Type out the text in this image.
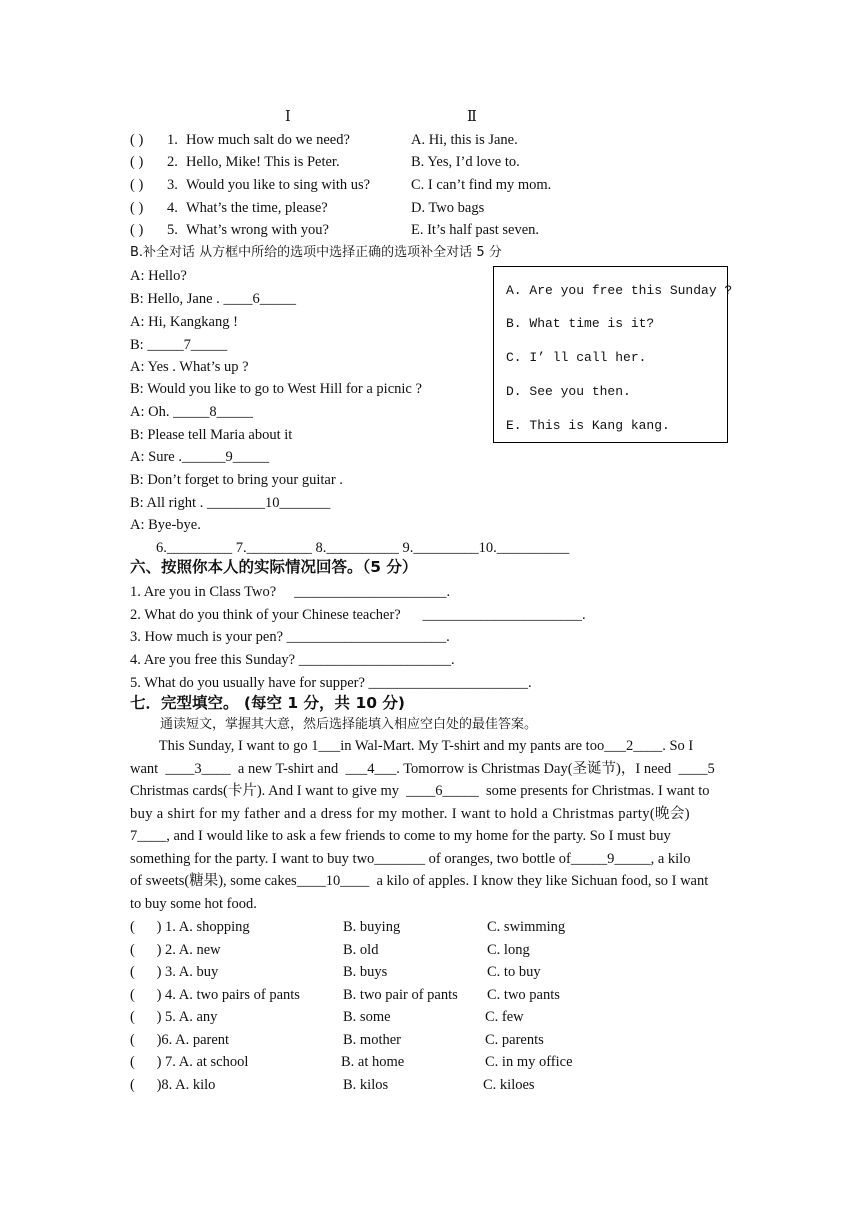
Ⅰ	Ⅱ
( ) 1. How much salt do we need?	A. Hi, this is Jane.
( ) 2. Hello, Mike! This is Peter.	B. Yes, I’d love to.
( ) 3. Would you like to sing with us?	C. I can’t find my mom.
( ) 4. What’s the time, please?	D. Two bags
( ) 5. What’s wrong with you?	E. It’s half past seven.
B.补全对话 从方框中所给的选项中选择正确的选项补全对话 5 分
A: Hello?
B: Hello, Jane . ____6_____
A: Hi, Kangkang !
B: _____7_____
A: Yes . What’s up ?
B: Would you like to go to West Hill for a picnic ?
A: Oh. _____8_____
B: Please tell Maria about it
A: Sure .______9_____
B: Don’t forget to bring your guitar .
B: All right . ________10_______
A: Bye-bye.
A. Are you free this Sunday ?
B. What time is it?
C. I’ ll call her.
D. See you then.
E. This is Kang kang.
6._________ 7._________ 8.__________ 9._________10.__________
六、按照你本人的实际情况回答。（5 分）
1. Are you in Class Two?     _____________________.
2. What do you think of your Chinese teacher?      ______________________.
3. How much is your pen? ______________________.
4. Are you free this Sunday? _____________________.
5. What do you usually have for supper? ______________________.
七．完型填空。 (每空 1 分，共 10 分)
通读短文，掌握其大意，然后选择能填入相应空白处的最佳答案。
This Sunday, I want to go 1___in Wal-Mart. My T-shirt and my pants are too___2____. So I
want  ____3____  a new T-shirt and  ___4___. Tomorrow is Christmas Day(圣诞节)，I need  ____5
Christmas cards(卡片). And I want to give my  ____6_____  some presents for Christmas. I want to
buy a shirt for my father and a dress for my mother. I want to hold a Christmas party(晚会)
7____, and I would like to ask a few friends to come to my home for the party. So I must buy
something for the party. I want to buy two_______ of oranges, two bottle of_____9_____, a kilo
of sweets(糖果), some cakes____10____  a kilo of apples. I know they like Sichuan food, so I want
to buy some hot food.
(      ) 1. A. shopping	B. buying	C. swimming
(      ) 2. A. new	B. old	C. long
(      ) 3. A. buy	B. buys	C. to buy
(      ) 4. A. two pairs of pants	B. two pair of pants C. two pants
(      ) 5. A. any	B. some	C. few
(      )6. A. parent	B. mother	C. parents
(      ) 7. A. at school	B. at home	C. in my office
(      )8. A. kilo	B. kilos	C. kiloes
